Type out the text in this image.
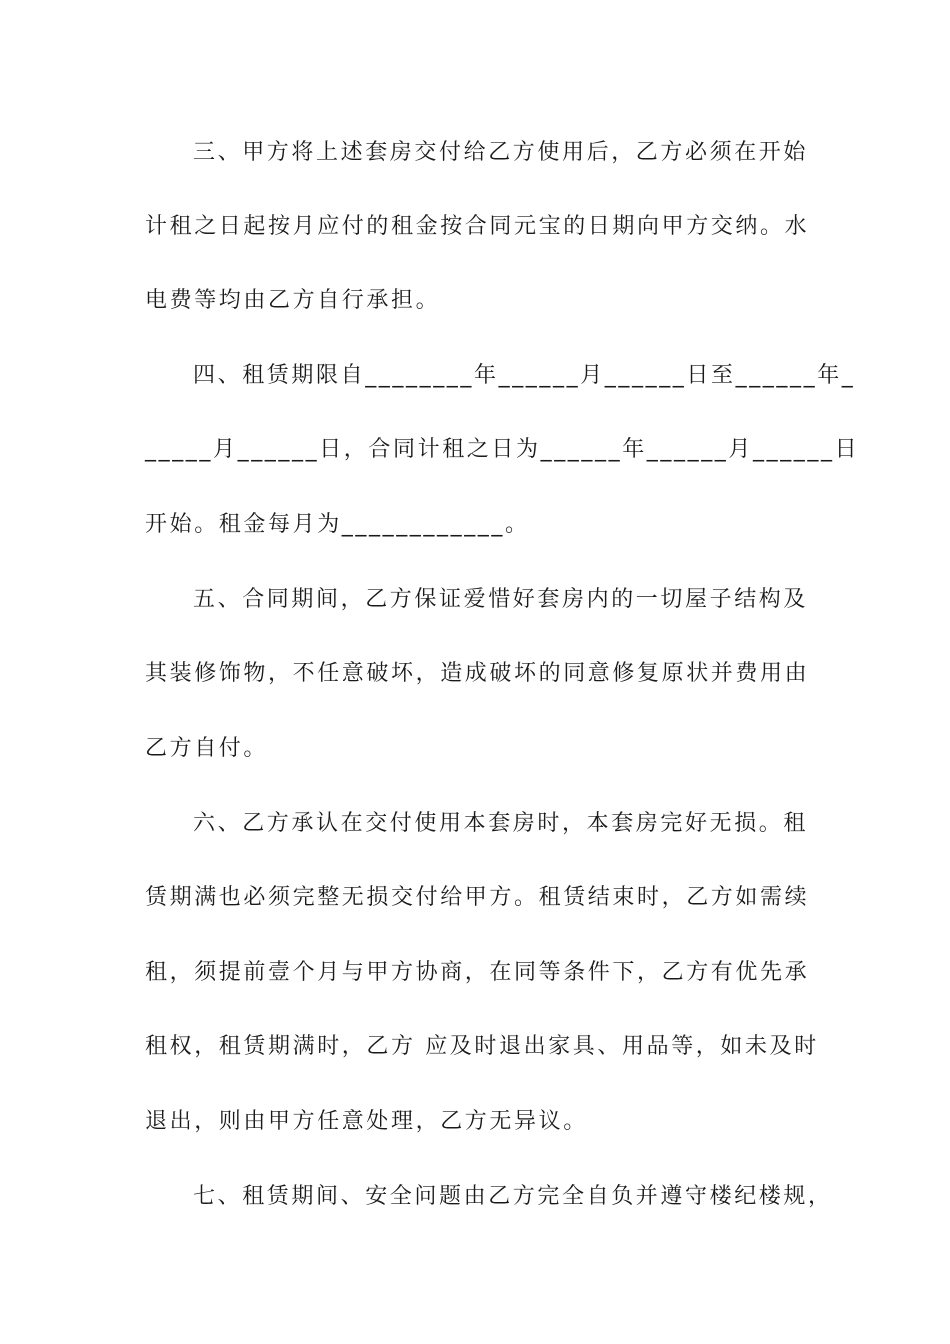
三、甲方将上述套房交付给乙方使用后，乙方必须在开始
计租之日起按月应付的租金按合同元宝的日期向甲方交纳。水
电费等均由乙方自行承担。
四、租赁期限自________年______月______日至______年_
_____月______日，合同计租之日为______年______月______日
开始。租金每月为____________。
五、合同期间，乙方保证爱惜好套房内的一切屋子结构及
其装修饰物，不任意破坏，造成破坏的同意修复原状并费用由
乙方自付。
六、乙方承认在交付使用本套房时，本套房完好无损。租
赁期满也必须完整无损交付给甲方。租赁结束时，乙方如需续
租，须提前壹个月与甲方协商，在同等条件下，乙方有优先承
租权，租赁期满时，乙方 应及时退出家具、用品等，如未及时
退出，则由甲方任意处理，乙方无异议。
七、租赁期间、安全问题由乙方完全自负并遵守楼纪楼规，
